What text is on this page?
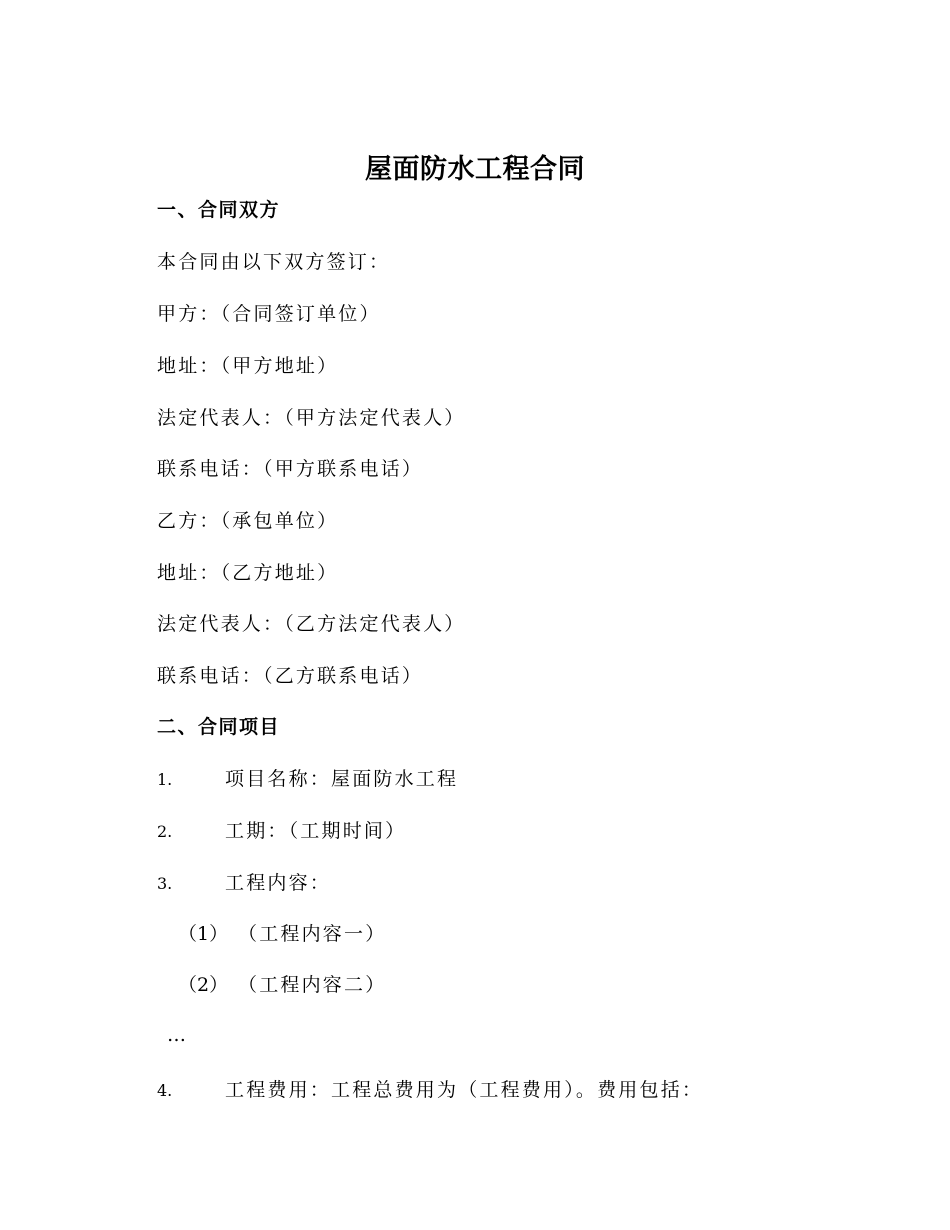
屋面防水工程合同
一、合同双方
本合同由以下双方签订：
甲方：（合同签订单位）
地址：（甲方地址）
法定代表人：（甲方法定代表人）
联系电话：（甲方联系电话）
乙方：（承包单位）
地址：（乙方地址）
法定代表人：（乙方法定代表人）
联系电话：（乙方联系电话）
二、合同项目
1.	项目名称：屋面防水工程
2.	工期：（工期时间）
3.	工程内容：
（1） （工程内容一）
（2） （工程内容二）
…
4.	工程费用：工程总费用为（工程费用）。费用包括：
